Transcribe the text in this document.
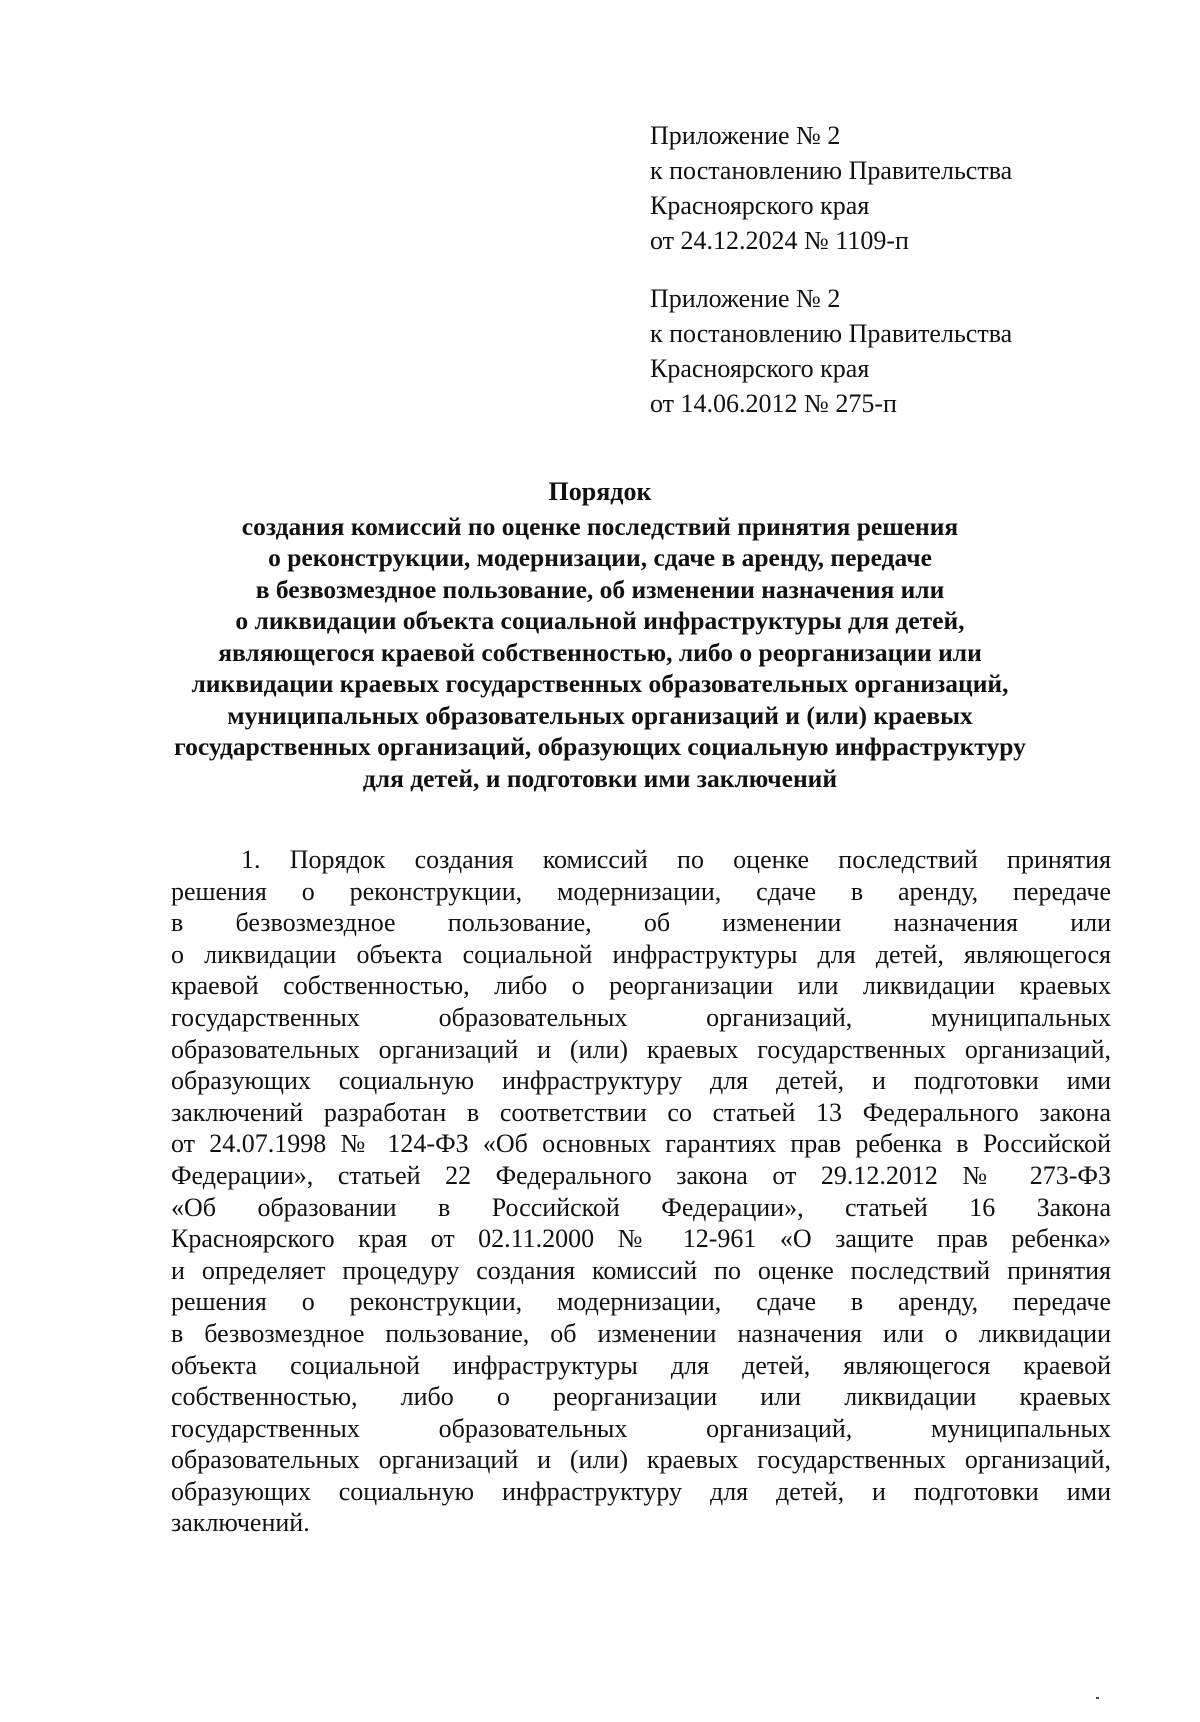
Приложение № 2
к постановлению Правительства
Красноярского края
от 24.12.2024 № 1109-п
Приложение № 2
к постановлению Правительства
Красноярского края
от 14.06.2012 № 275-п
Порядок
создания комиссий по оценке последствий принятия решения
о реконструкции, модернизации, сдаче в аренду, передаче
в безвозмездное пользование, об изменении назначения или
о ликвидации объекта социальной инфраструктуры для детей,
являющегося краевой собственностью, либо о реорганизации или
ликвидации краевых государственных образовательных организаций,
муниципальных образовательных организаций и (или) краевых
государственных организаций, образующих социальную инфраструктуру
для детей, и подготовки ими заключений
1. Порядок создания комиссий по оценке последствий принятия
решения о реконструкции, модернизации, сдаче в аренду, передаче
в безвозмездное пользование, об изменении назначения или
о ликвидации объекта социальной инфраструктуры для детей, являющегося
краевой собственностью, либо о реорганизации или ликвидации краевых
государственных образовательных организаций, муниципальных
образовательных организаций и (или) краевых государственных организаций,
образующих социальную инфраструктуру для детей, и подготовки ими
заключений разработан в соответствии со статьей 13 Федерального закона
от 24.07.1998 № 124-ФЗ «Об основных гарантиях прав ребенка в Российской
Федерации», статьей 22 Федерального закона от 29.12.2012 № 273-ФЗ
«Об образовании в Российской Федерации», статьей 16 Закона
Красноярского края от 02.11.2000 № 12-961 «О защите прав ребенка»
и определяет процедуру создания комиссий по оценке последствий принятия
решения о реконструкции, модернизации, сдаче в аренду, передаче
в безвозмездное пользование, об изменении назначения или о ликвидации
объекта социальной инфраструктуры для детей, являющегося краевой
собственностью, либо о реорганизации или ликвидации краевых
государственных образовательных организаций, муниципальных
образовательных организаций и (или) краевых государственных организаций,
образующих социальную инфраструктуру для детей, и подготовки ими
заключений.
